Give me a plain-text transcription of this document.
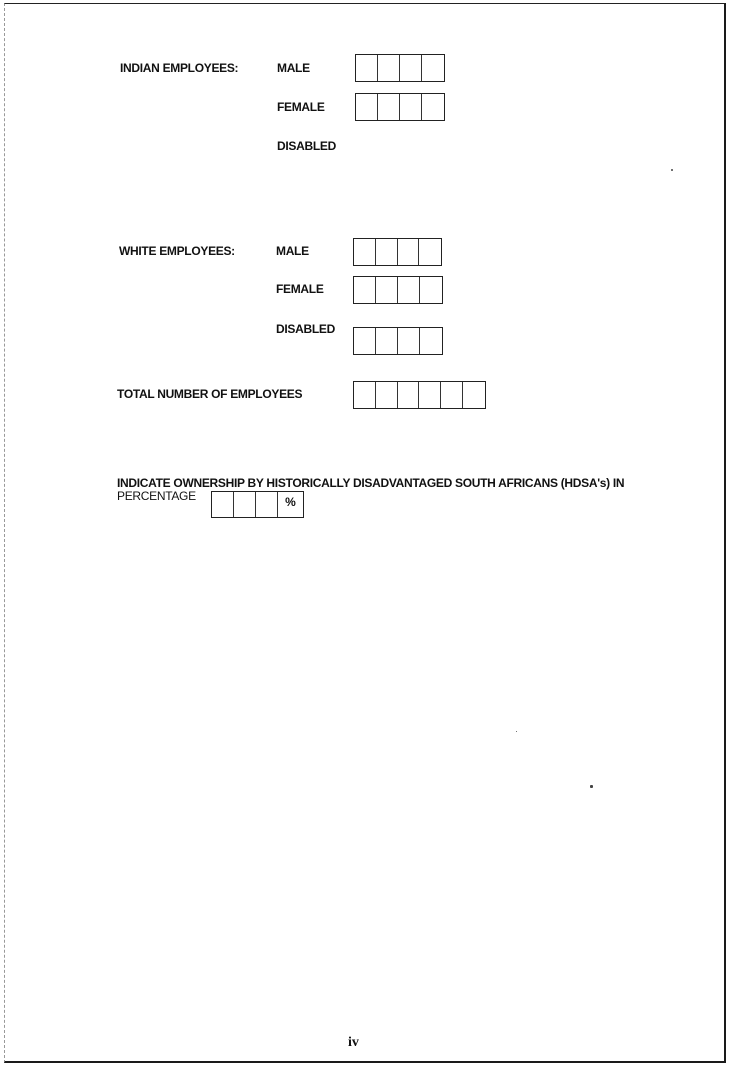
INDIAN EMPLOYEES:	MALE
FEMALE
DISABLED
WHITE EMPLOYEES:	MALE
FEMALE
DISABLED
TOTAL NUMBER OF EMPLOYEES
INDICATE OWNERSHIP BY HISTORICALLY DISADVANTAGED SOUTH AFRICANS (HDSA's) IN
PERCENTAGE	%
iv
